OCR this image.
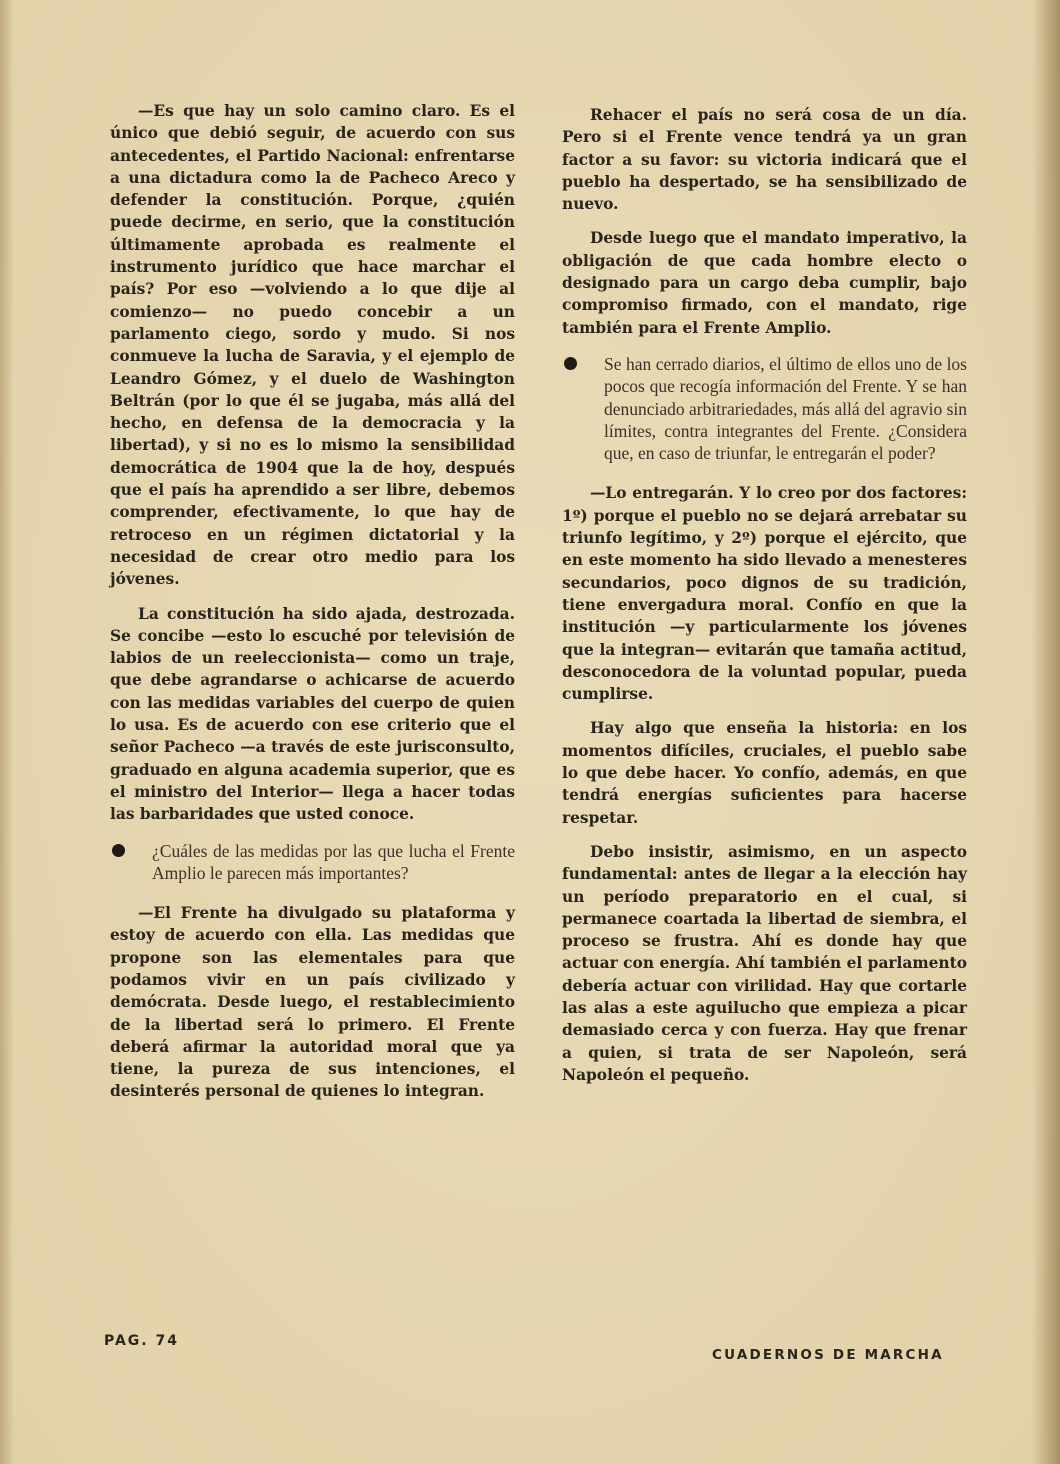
—Es que hay un solo camino claro. Es el único que debió seguir, de acuerdo con sus antecedentes, el Partido Nacional: enfrentarse a una dictadura como la de Pacheco Areco y defender la constitución. Porque, ¿quién puede decirme, en serio, que la constitución últimamente aprobada es realmente el instrumento jurídico que hace marchar el país? Por eso —volviendo a lo que dije al comienzo— no puedo concebir a un parlamento ciego, sordo y mudo. Si nos conmueve la lucha de Saravia, y el ejemplo de Leandro Gómez, y el duelo de Washington Beltrán (por lo que él se jugaba, más allá del hecho, en defensa de la democracia y la libertad), y si no es lo mismo la sensibilidad democrática de 1904 que la de hoy, después que el país ha aprendido a ser libre, debemos comprender, efectivamente, lo que hay de retroceso en un régimen dictatorial y la necesidad de crear otro medio para los jóvenes.

La constitución ha sido ajada, destrozada. Se concibe —esto lo escuché por televisión de labios de un reeleccionista— como un traje, que debe agrandarse o achicarse de acuerdo con las medidas variables del cuerpo de quien lo usa. Es de acuerdo con ese criterio que el señor Pacheco —a través de este jurisconsulto, graduado en alguna academia superior, que es el ministro del Interior— llega a hacer todas las barbaridades que usted conoce.

¿Cuáles de las medidas por las que lucha el Frente Amplio le parecen más importantes?

—El Frente ha divulgado su plataforma y estoy de acuerdo con ella. Las medidas que propone son las elementales para que podamos vivir en un país civilizado y demócrata. Desde luego, el restablecimiento de la libertad será lo primero. El Frente deberá afirmar la autoridad moral que ya tiene, la pureza de sus intenciones, el desinterés personal de quienes lo integran.

Rehacer el país no será cosa de un día. Pero si el Frente vence tendrá ya un gran factor a su favor: su victoria indicará que el pueblo ha despertado, se ha sensibilizado de nuevo.

Desde luego que el mandato imperativo, la obligación de que cada hombre electo o designado para un cargo deba cumplir, bajo compromiso firmado, con el mandato, rige también para el Frente Amplio.

Se han cerrado diarios, el último de ellos uno de los pocos que recogía información del Frente. Y se han denunciado arbitrariedades, más allá del agravio sin límites, contra integrantes del Frente. ¿Considera que, en caso de triunfar, le entregarán el poder?

—Lo entregarán. Y lo creo por dos factores: 1º) porque el pueblo no se dejará arrebatar su triunfo legítimo, y 2º) porque el ejército, que en este momento ha sido llevado a menesteres secundarios, poco dignos de su tradición, tiene envergadura moral. Confío en que la institución —y particularmente los jóvenes que la integran— evitarán que tamaña actitud, desconocedora de la voluntad popular, pueda cumplirse.

Hay algo que enseña la historia: en los momentos difíciles, cruciales, el pueblo sabe lo que debe hacer. Yo confío, además, en que tendrá energías suficientes para hacerse respetar.

Debo insistir, asimismo, en un aspecto fundamental: antes de llegar a la elección hay un período preparatorio en el cual, si permanece coartada la libertad de siembra, el proceso se frustra. Ahí es donde hay que actuar con energía. Ahí también el parlamento debería actuar con virilidad. Hay que cortarle las alas a este aguilucho que empieza a picar demasiado cerca y con fuerza. Hay que frenar a quien, si trata de ser Napoleón, será Napoleón el pequeño.

PAG. 74
CUADERNOS DE MARCHA
